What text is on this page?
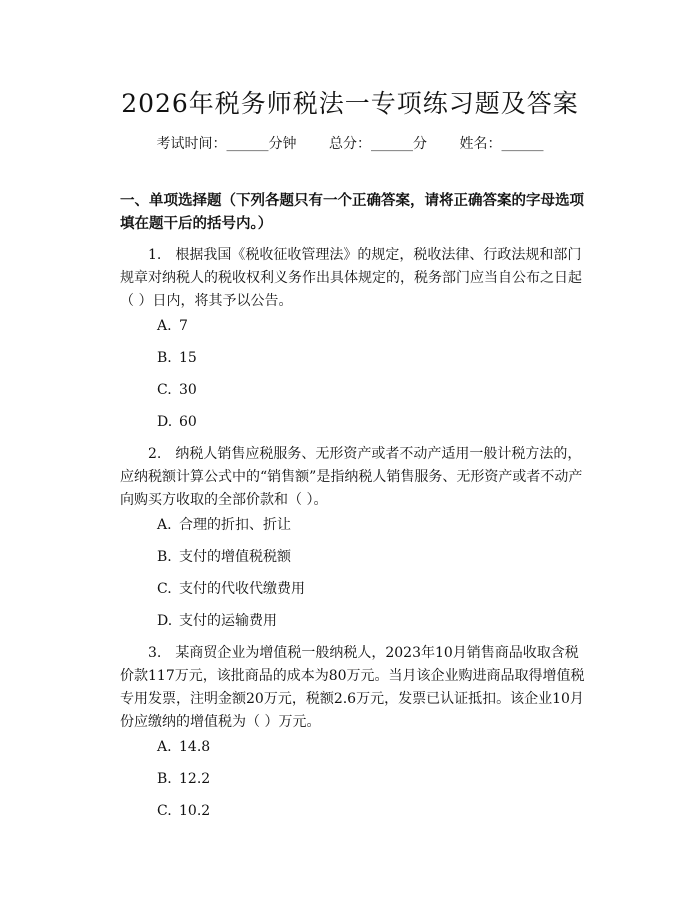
2026年税务师税法一专项练习题及答案
考试时间：______分钟 总分：______分 姓名：______
一、单项选择题（下列各题只有一个正确答案，请将正确答案的字母选项填在题干后的括号内。）
1.　根据我国《税收征收管理法》的规定，税收法律、行政法规和部门规章对纳税人的税收权利义务作出具体规定的，税务部门应当自公布之日起（ ）日内，将其予以公告。
A. 7
B. 15
C. 30
D. 60
2.　纳税人销售应税服务、无形资产或者不动产适用一般计税方法的，应纳税额计算公式中的“销售额”是指纳税人销售服务、无形资产或者不动产向购买方收取的全部价款和（ ）。
A. 合理的折扣、折让
B. 支付的增值税税额
C. 支付的代收代缴费用
D. 支付的运输费用
3.　某商贸企业为增值税一般纳税人，2023年10月销售商品收取含税价款117万元，该批商品的成本为80万元。当月该企业购进商品取得增值税专用发票，注明金额20万元，税额2.6万元，发票已认证抵扣。该企业10月份应缴纳的增值税为（ ）万元。
A. 14.8
B. 12.2
C. 10.2
